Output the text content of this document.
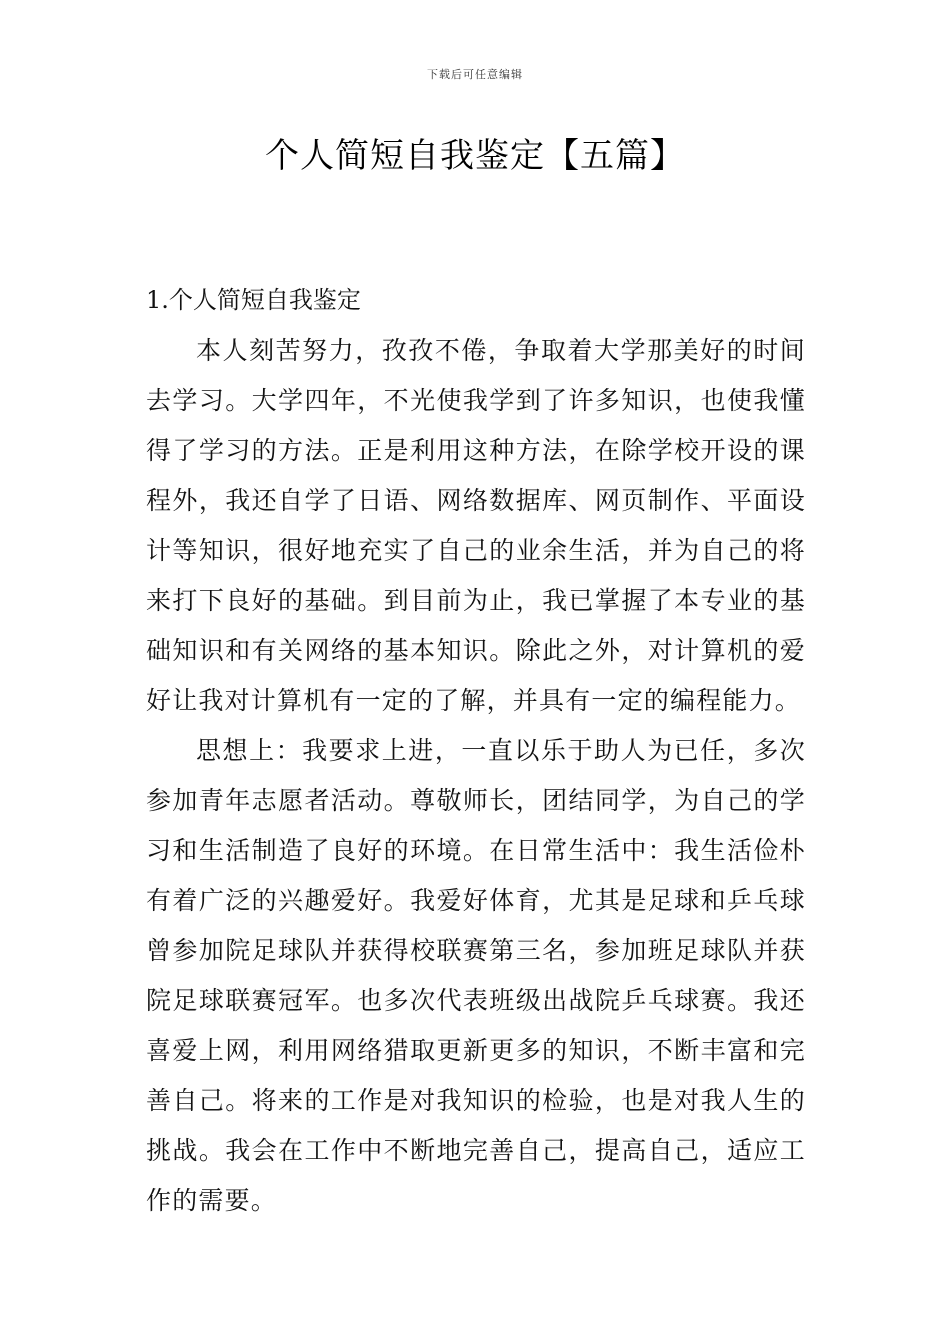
下载后可任意编辑
个人简短自我鉴定【五篇】
1.个人简短自我鉴定

本人刻苦努力，孜孜不倦，争取着大学那美好的时间去学习。大学四年，不光使我学到了许多知识，也使我懂得了学习的方法。正是利用这种方法，在除学校开设的课程外，我还自学了日语、网络数据库、网页制作、平面设计等知识，很好地充实了自己的业余生活，并为自己的将来打下良好的基础。到目前为止，我已掌握了本专业的基础知识和有关网络的基本知识。除此之外，对计算机的爱好让我对计算机有一定的了解，并具有一定的编程能力。

思想上：我要求上进，一直以乐于助人为已任，多次参加青年志愿者活动。尊敬师长，团结同学，为自己的学习和生活制造了良好的环境。在日常生活中：我生活俭朴有着广泛的兴趣爱好。我爱好体育，尤其是足球和乒乓球曾参加院足球队并获得校联赛第三名，参加班足球队并获院足球联赛冠军。也多次代表班级出战院乒乓球赛。我还喜爱上网，利用网络猎取更新更多的知识，不断丰富和完善自己。将来的工作是对我知识的检验，也是对我人生的挑战。我会在工作中不断地完善自己，提高自己，适应工作的需要。
